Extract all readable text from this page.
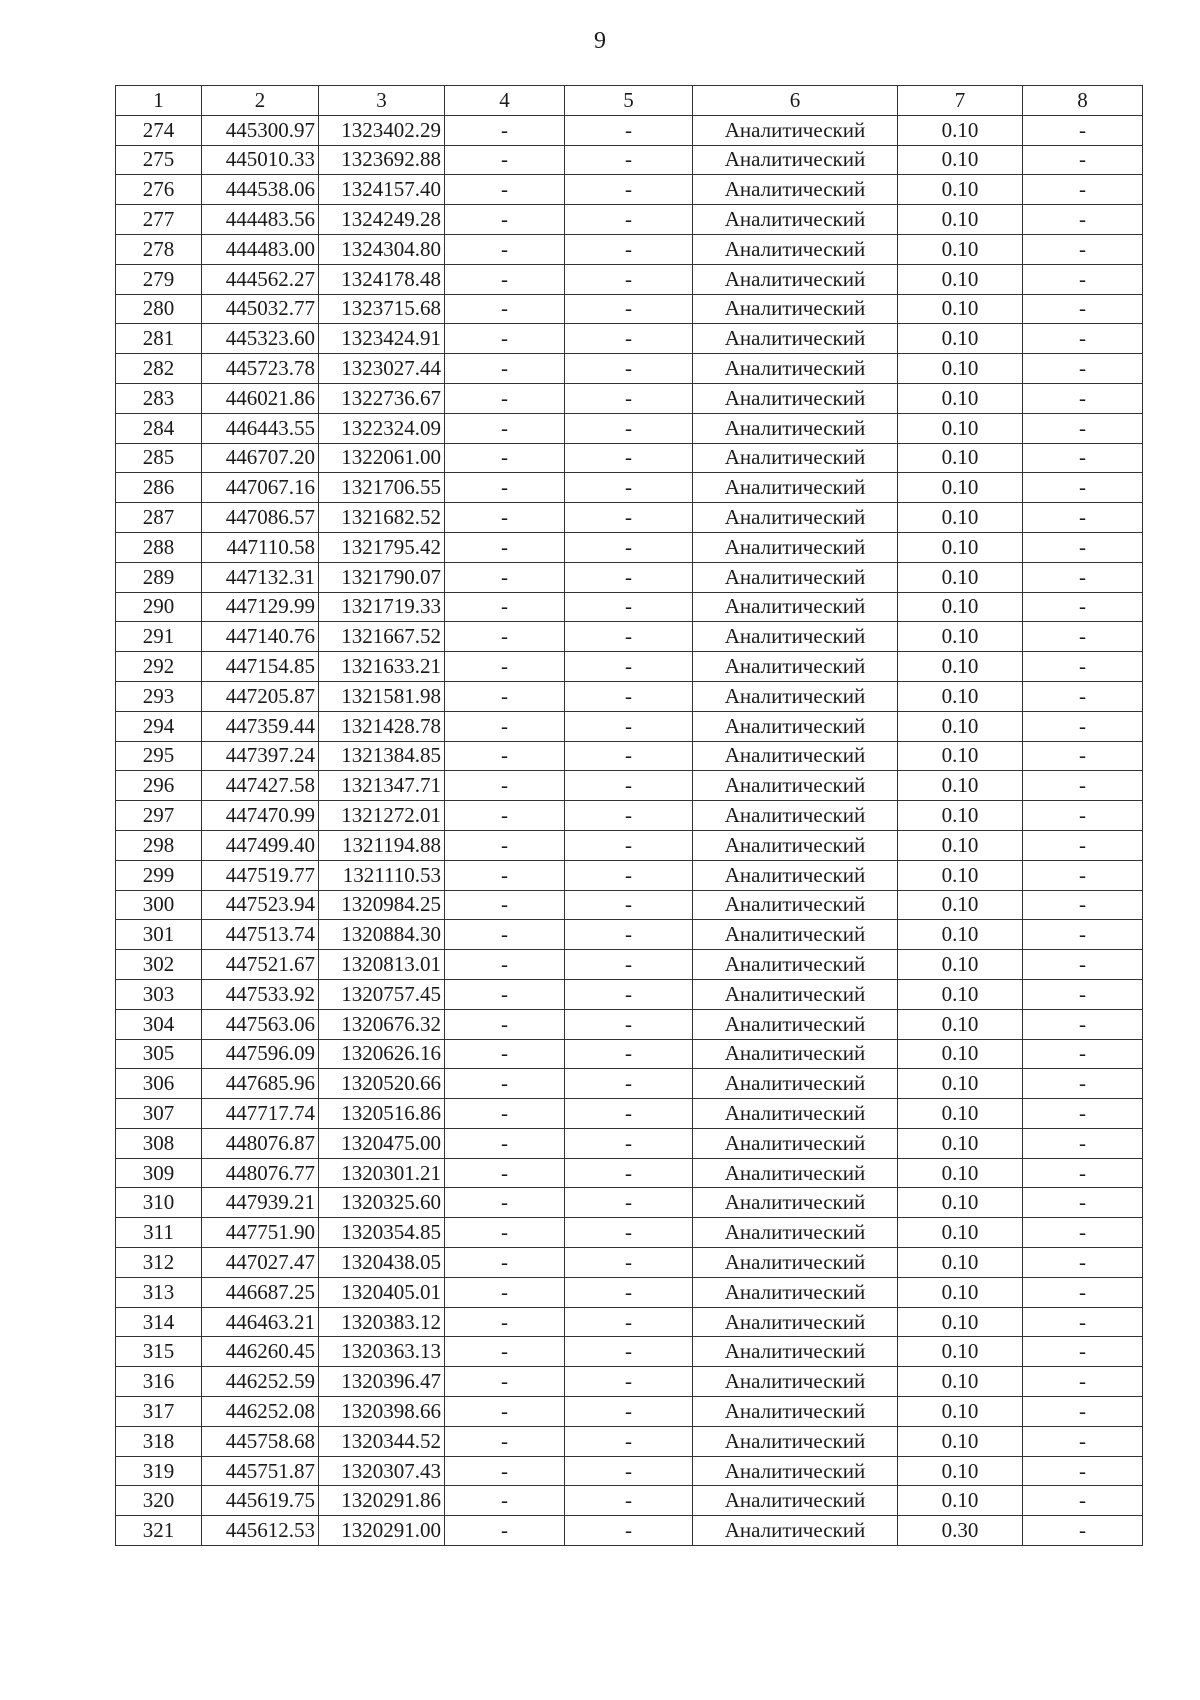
9
1	2	3	4	5	6	7	8
274	445300.97	1323402.29	-	-	Аналитический	0.10	-
275	445010.33	1323692.88	-	-	Аналитический	0.10	-
276	444538.06	1324157.40	-	-	Аналитический	0.10	-
277	444483.56	1324249.28	-	-	Аналитический	0.10	-
278	444483.00	1324304.80	-	-	Аналитический	0.10	-
279	444562.27	1324178.48	-	-	Аналитический	0.10	-
280	445032.77	1323715.68	-	-	Аналитический	0.10	-
281	445323.60	1323424.91	-	-	Аналитический	0.10	-
282	445723.78	1323027.44	-	-	Аналитический	0.10	-
283	446021.86	1322736.67	-	-	Аналитический	0.10	-
284	446443.55	1322324.09	-	-	Аналитический	0.10	-
285	446707.20	1322061.00	-	-	Аналитический	0.10	-
286	447067.16	1321706.55	-	-	Аналитический	0.10	-
287	447086.57	1321682.52	-	-	Аналитический	0.10	-
288	447110.58	1321795.42	-	-	Аналитический	0.10	-
289	447132.31	1321790.07	-	-	Аналитический	0.10	-
290	447129.99	1321719.33	-	-	Аналитический	0.10	-
291	447140.76	1321667.52	-	-	Аналитический	0.10	-
292	447154.85	1321633.21	-	-	Аналитический	0.10	-
293	447205.87	1321581.98	-	-	Аналитический	0.10	-
294	447359.44	1321428.78	-	-	Аналитический	0.10	-
295	447397.24	1321384.85	-	-	Аналитический	0.10	-
296	447427.58	1321347.71	-	-	Аналитический	0.10	-
297	447470.99	1321272.01	-	-	Аналитический	0.10	-
298	447499.40	1321194.88	-	-	Аналитический	0.10	-
299	447519.77	1321110.53	-	-	Аналитический	0.10	-
300	447523.94	1320984.25	-	-	Аналитический	0.10	-
301	447513.74	1320884.30	-	-	Аналитический	0.10	-
302	447521.67	1320813.01	-	-	Аналитический	0.10	-
303	447533.92	1320757.45	-	-	Аналитический	0.10	-
304	447563.06	1320676.32	-	-	Аналитический	0.10	-
305	447596.09	1320626.16	-	-	Аналитический	0.10	-
306	447685.96	1320520.66	-	-	Аналитический	0.10	-
307	447717.74	1320516.86	-	-	Аналитический	0.10	-
308	448076.87	1320475.00	-	-	Аналитический	0.10	-
309	448076.77	1320301.21	-	-	Аналитический	0.10	-
310	447939.21	1320325.60	-	-	Аналитический	0.10	-
311	447751.90	1320354.85	-	-	Аналитический	0.10	-
312	447027.47	1320438.05	-	-	Аналитический	0.10	-
313	446687.25	1320405.01	-	-	Аналитический	0.10	-
314	446463.21	1320383.12	-	-	Аналитический	0.10	-
315	446260.45	1320363.13	-	-	Аналитический	0.10	-
316	446252.59	1320396.47	-	-	Аналитический	0.10	-
317	446252.08	1320398.66	-	-	Аналитический	0.10	-
318	445758.68	1320344.52	-	-	Аналитический	0.10	-
319	445751.87	1320307.43	-	-	Аналитический	0.10	-
320	445619.75	1320291.86	-	-	Аналитический	0.10	-
321	445612.53	1320291.00	-	-	Аналитический	0.30	-
